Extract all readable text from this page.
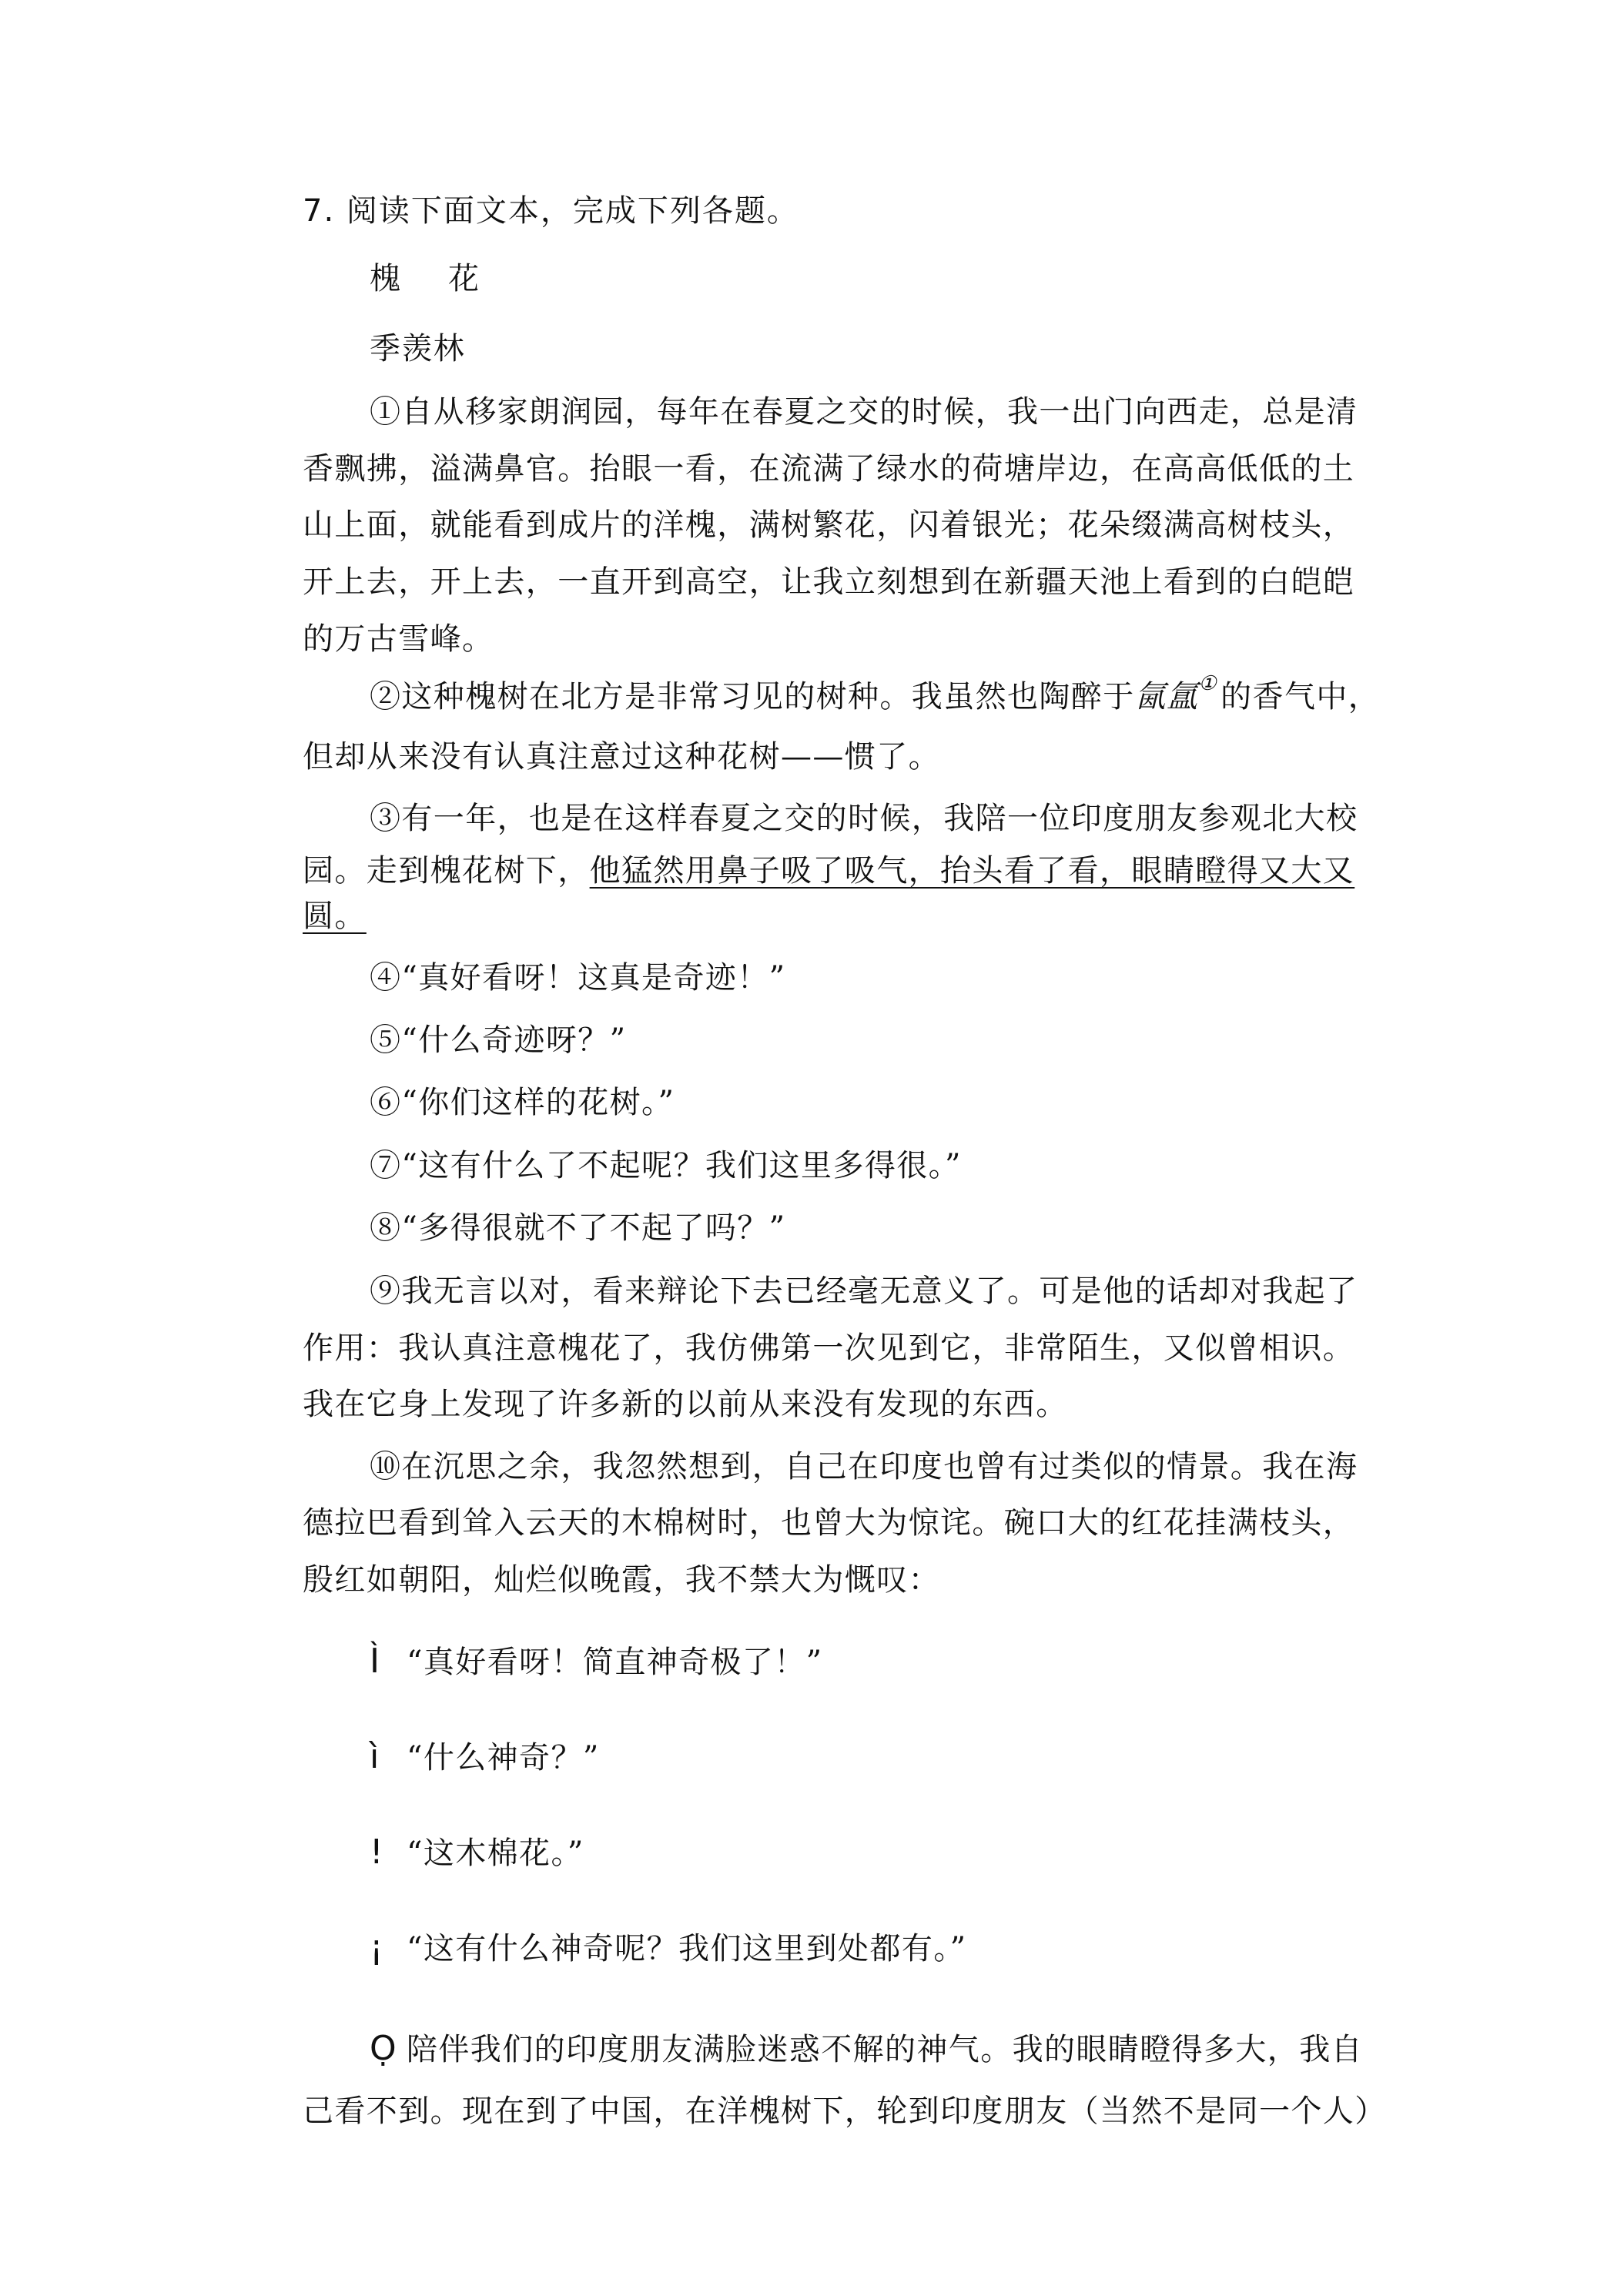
7. 阅读下面文本，完成下列各题。
槐 花
季羡林
①自从移家朗润园，每年在春夏之交的时候，我一出门向西走，总是清
香飘拂，溢满鼻官。抬眼一看，在流满了绿水的荷塘岸边，在高高低低的土
山上面，就能看到成片的洋槐，满树繁花，闪着银光；花朵缀满高树枝头，
开上去，开上去，一直开到高空，让我立刻想到在新疆天池上看到的白皑皑
的万古雪峰。
②这种槐树在北方是非常习见的树种。我虽然也陶醉于氤氲① 的香气中，
但却从来没有认真注意过这种花树——惯了。
③有一年，也是在这样春夏之交的时候，我陪一位印度朋友参观北大校
园。走到槐花树下，他猛然用鼻子吸了吸气，抬头看了看，眼睛瞪得又大又
圆。
④“真好看呀！这真是奇迹！”
⑤“什么奇迹呀？”
⑥“你们这样的花树。”
⑦“这有什么了不起呢？我们这里多得很。”
⑧“多得很就不了不起了吗？”
⑨我无言以对，看来辩论下去已经毫无意义了。可是他的话却对我起了
作用：我认真注意槐花了，我仿佛第一次见到它，非常陌生，又似曾相识。
我在它身上发现了许多新的以前从来没有发现的东西。
⑩在沉思之余，我忽然想到，自己在印度也曾有过类似的情景。我在海
德拉巴看到耸入云天的木棉树时，也曾大为惊诧。碗口大的红花挂满枝头，
殷红如朝阳，灿烂似晚霞，我不禁大为慨叹：
Ì “真好看呀！简直神奇极了！”
ì “什么神奇？”
! “这木棉花。”
¡ “这有什么神奇呢？我们这里到处都有。”
Ọ 陪伴我们的印度朋友满脸迷惑不解的神气。我的眼睛瞪得多大，我自
己看不到。现在到了中国，在洋槐树下，轮到印度朋友（当然不是同一个人）
